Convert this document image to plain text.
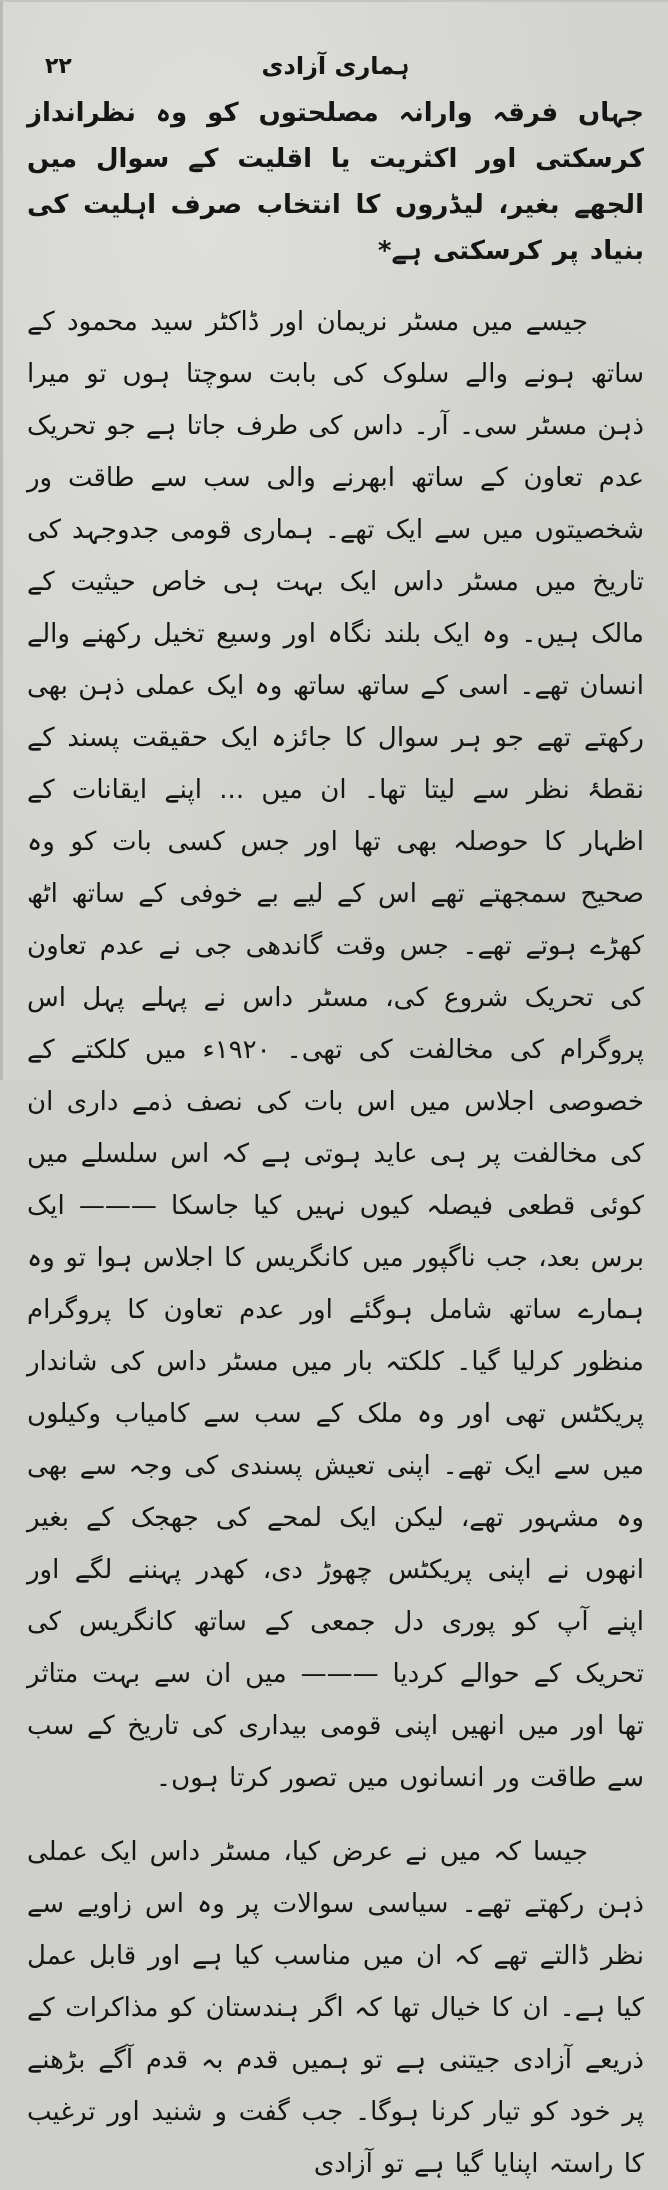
۲۲	ہماری آزادی

جہاں فرقہ وارانہ مصلحتوں کو وہ نظرانداز کرسکتی اور اکثریت یا اقلیت کے سوال میں الجھے بغیر، لیڈروں کا انتخاب صرف اہلیت کی بنیاد پر کرسکتی ہے*

جیسے میں مسٹر نریمان اور ڈاکٹر سید محمود کے ساتھ ہونے والے سلوک کی بابت سوچتا ہوں تو میرا ذہن مسٹر سی۔ آر۔ داس کی طرف جاتا ہے جو تحریک عدم تعاون کے ساتھ ابھرنے والی سب سے طاقت ور شخصیتوں میں سے ایک تھے۔ ہماری قومی جدوجہد کی تاریخ میں مسٹر داس ایک بہت ہی خاص حیثیت کے مالک ہیں۔ وہ ایک بلند نگاہ اور وسیع تخیل رکھنے والے انسان تھے۔ اسی کے ساتھ ساتھ وہ ایک عملی ذہن بھی رکھتے تھے جو ہر سوال کا جائزہ ایک حقیقت پسند کے نقطۂ نظر سے لیتا تھا۔ ان میں ... اپنے ایقانات کے اظہار کا حوصلہ بھی تھا اور جس کسی بات کو وہ صحیح سمجھتے تھے اس کے لیے بے خوفی کے ساتھ اٹھ کھڑے ہوتے تھے۔ جس وقت گاندھی جی نے عدم تعاون کی تحریک شروع کی، مسٹر داس نے پہلے پہل اس پروگرام کی مخالفت کی تھی۔ ۱۹۲۰ء میں کلکتے کے خصوصی اجلاس میں اس بات کی نصف ذمے داری ان کی مخالفت پر ہی عاید ہوتی ہے کہ اس سلسلے میں کوئی قطعی فیصلہ کیوں نہیں کیا جاسکا ——— ایک برس بعد، جب ناگپور میں کانگریس کا اجلاس ہوا تو وہ ہمارے ساتھ شامل ہوگئے اور عدم تعاون کا پروگرام منظور کرلیا گیا۔ کلکتہ بار میں مسٹر داس کی شاندار پریکٹس تھی اور وہ ملک کے سب سے کامیاب وکیلوں میں سے ایک تھے۔ اپنی تعیش پسندی کی وجہ سے بھی وہ مشہور تھے، لیکن ایک لمحے کی جھجک کے بغیر انھوں نے اپنی پریکٹس چھوڑ دی، کھدر پہننے لگے اور اپنے آپ کو پوری دل جمعی کے ساتھ کانگریس کی تحریک کے حوالے کردیا ——— میں ان سے بہت متاثر تھا اور میں انھیں اپنی قومی بیداری کی تاریخ کے سب سے طاقت ور انسانوں میں تصور کرتا ہوں۔

جیسا کہ میں نے عرض کیا، مسٹر داس ایک عملی ذہن رکھتے تھے۔ سیاسی سوالات پر وہ اس زاویے سے نظر ڈالتے تھے کہ ان میں مناسب کیا ہے اور قابل عمل کیا ہے۔ ان کا خیال تھا کہ اگر ہندستان کو مذاکرات کے ذریعے آزادی جیتنی ہے تو ہمیں قدم بہ قدم آگے بڑھنے پر خود کو تیار کرنا ہوگا۔ جب گفت و شنید اور ترغیب کا راستہ اپنایا گیا ہے تو آزادی
